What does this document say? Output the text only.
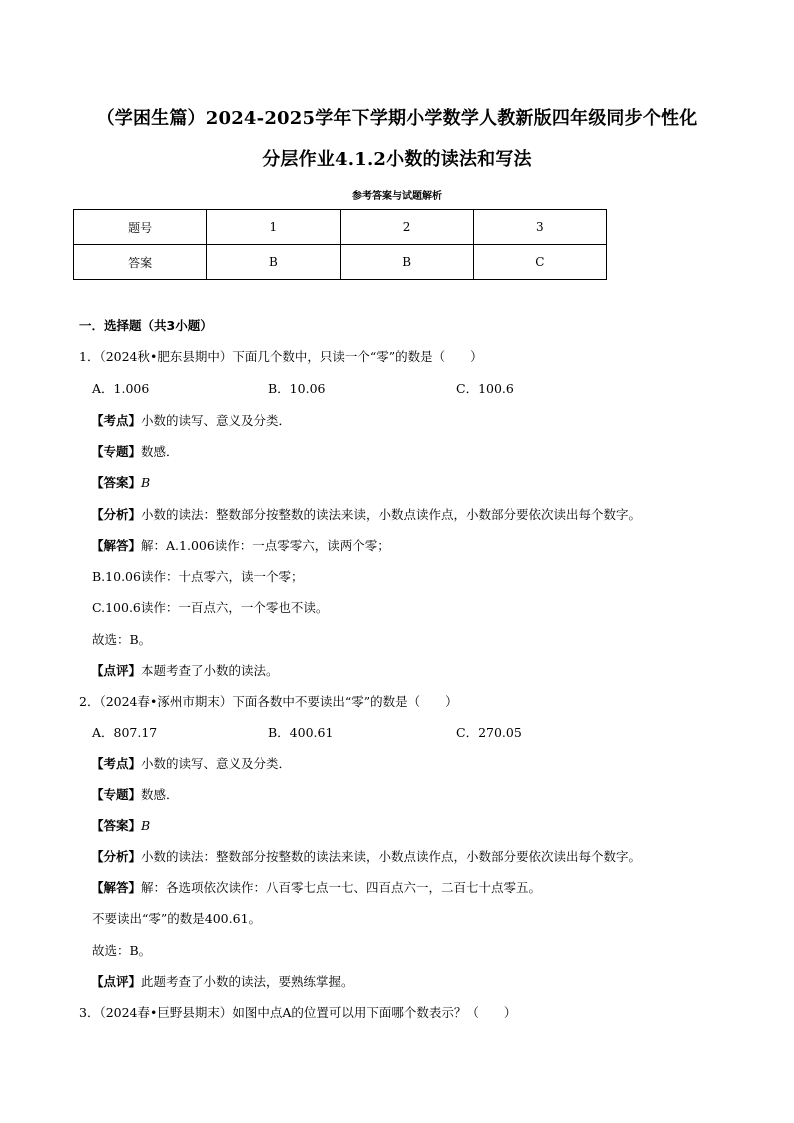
（学困生篇）2024-2025学年下学期小学数学人教新版四年级同步个性化
分层作业4.1.2小数的读法和写法
参考答案与试题解析
题号	1	2	3
答案	B	B	C
一．选择题（共3小题）
1．（2024秋•肥东县期中）下面几个数中，只读一个“零”的数是（　　）
A．1.006	B．10.06	C．100.6
【考点】小数的读写、意义及分类．
【专题】数感．
【答案】B
【分析】小数的读法：整数部分按整数的读法来读，小数点读作点，小数部分要依次读出每个数字。
【解答】解：A.1.006读作：一点零零六，读两个零；
B.10.06读作：十点零六，读一个零；
C.100.6读作：一百点六，一个零也不读。
故选：B。
【点评】本题考查了小数的读法。
2．（2024春•涿州市期末）下面各数中不要读出“零”的数是（　　）
A．807.17	B．400.61	C．270.05
【考点】小数的读写、意义及分类．
【专题】数感．
【答案】B
【分析】小数的读法：整数部分按整数的读法来读，小数点读作点，小数部分要依次读出每个数字。
【解答】解：各选项依次读作：八百零七点一七、四百点六一，二百七十点零五。
不要读出“零”的数是400.61。
故选：B。
【点评】此题考查了小数的读法，要熟练掌握。
3．（2024春•巨野县期末）如图中点A的位置可以用下面哪个数表示？（　　）
